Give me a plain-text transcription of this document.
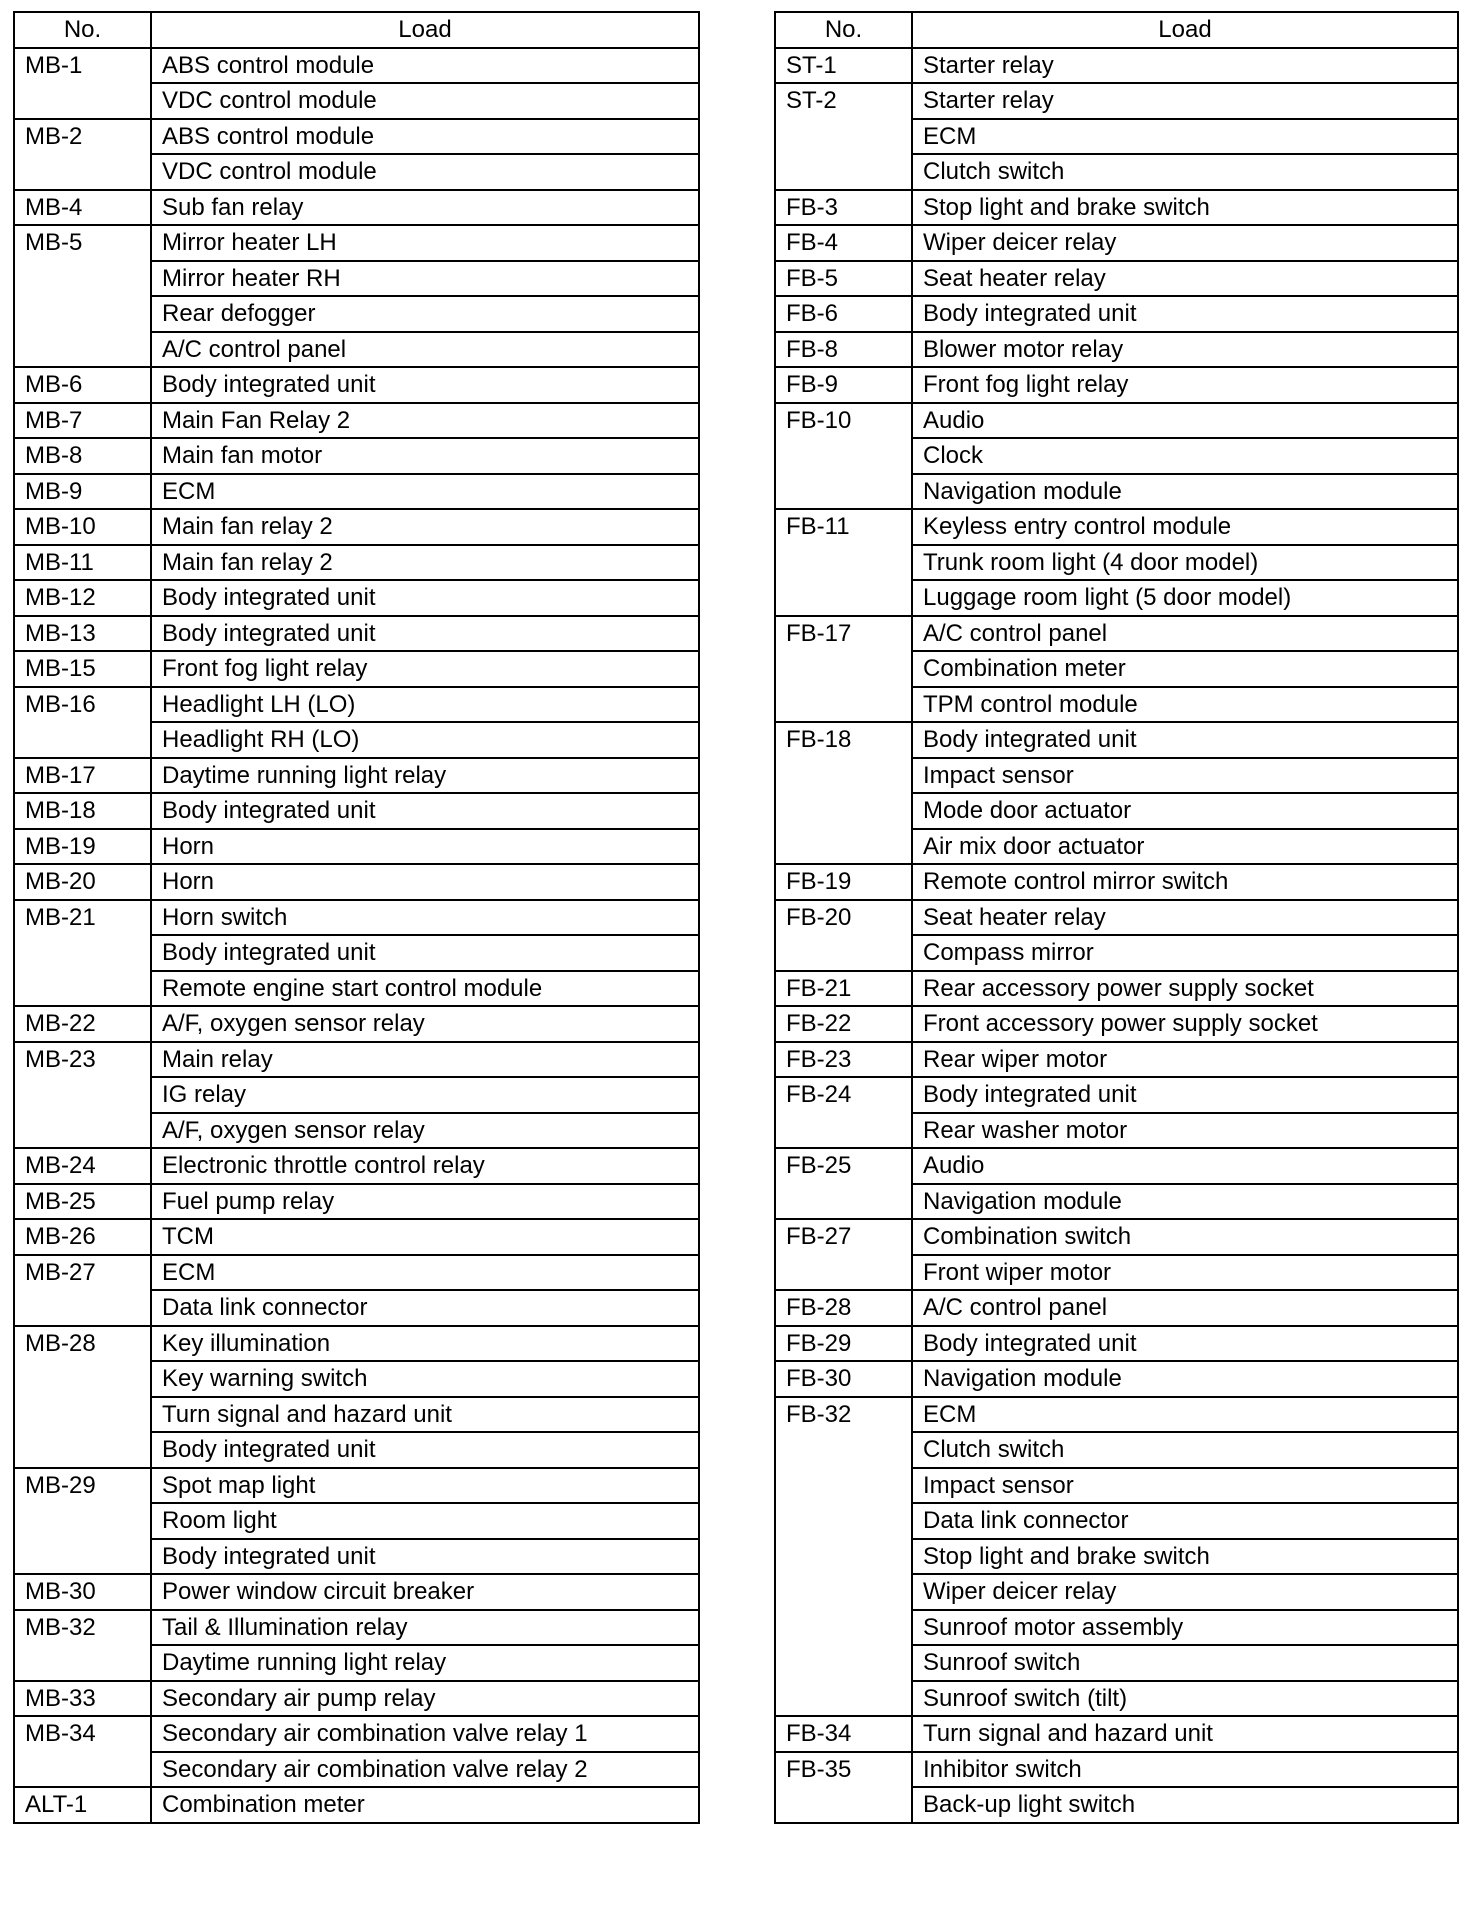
No.	Load
MB-1	ABS control module
	VDC control module
MB-2	ABS control module
	VDC control module
MB-4	Sub fan relay
MB-5	Mirror heater LH
	Mirror heater RH
	Rear defogger
	A/C control panel
MB-6	Body integrated unit
MB-7	Main Fan Relay 2
MB-8	Main fan motor
MB-9	ECM
MB-10	Main fan relay 2
MB-11	Main fan relay 2
MB-12	Body integrated unit
MB-13	Body integrated unit
MB-15	Front fog light relay
MB-16	Headlight LH (LO)
	Headlight RH (LO)
MB-17	Daytime running light relay
MB-18	Body integrated unit
MB-19	Horn
MB-20	Horn
MB-21	Horn switch
	Body integrated unit
	Remote engine start control module
MB-22	A/F, oxygen sensor relay
MB-23	Main relay
	IG relay
	A/F, oxygen sensor relay
MB-24	Electronic throttle control relay
MB-25	Fuel pump relay
MB-26	TCM
MB-27	ECM
	Data link connector
MB-28	Key illumination
	Key warning switch
	Turn signal and hazard unit
	Body integrated unit
MB-29	Spot map light
	Room light
	Body integrated unit
MB-30	Power window circuit breaker
MB-32	Tail & Illumination relay
	Daytime running light relay
MB-33	Secondary air pump relay
MB-34	Secondary air combination valve relay 1
	Secondary air combination valve relay 2
ALT-1	Combination meter
No.	Load
ST-1	Starter relay
ST-2	Starter relay
	ECM
	Clutch switch
FB-3	Stop light and brake switch
FB-4	Wiper deicer relay
FB-5	Seat heater relay
FB-6	Body integrated unit
FB-8	Blower motor relay
FB-9	Front fog light relay
FB-10	Audio
	Clock
	Navigation module
FB-11	Keyless entry control module
	Trunk room light (4 door model)
	Luggage room light (5 door model)
FB-17	A/C control panel
	Combination meter
	TPM control module
FB-18	Body integrated unit
	Impact sensor
	Mode door actuator
	Air mix door actuator
FB-19	Remote control mirror switch
FB-20	Seat heater relay
	Compass mirror
FB-21	Rear accessory power supply socket
FB-22	Front accessory power supply socket
FB-23	Rear wiper motor
FB-24	Body integrated unit
	Rear washer motor
FB-25	Audio
	Navigation module
FB-27	Combination switch
	Front wiper motor
FB-28	A/C control panel
FB-29	Body integrated unit
FB-30	Navigation module
FB-32	ECM
	Clutch switch
	Impact sensor
	Data link connector
	Stop light and brake switch
	Wiper deicer relay
	Sunroof motor assembly
	Sunroof switch
	Sunroof switch (tilt)
FB-34	Turn signal and hazard unit
FB-35	Inhibitor switch
	Back-up light switch
